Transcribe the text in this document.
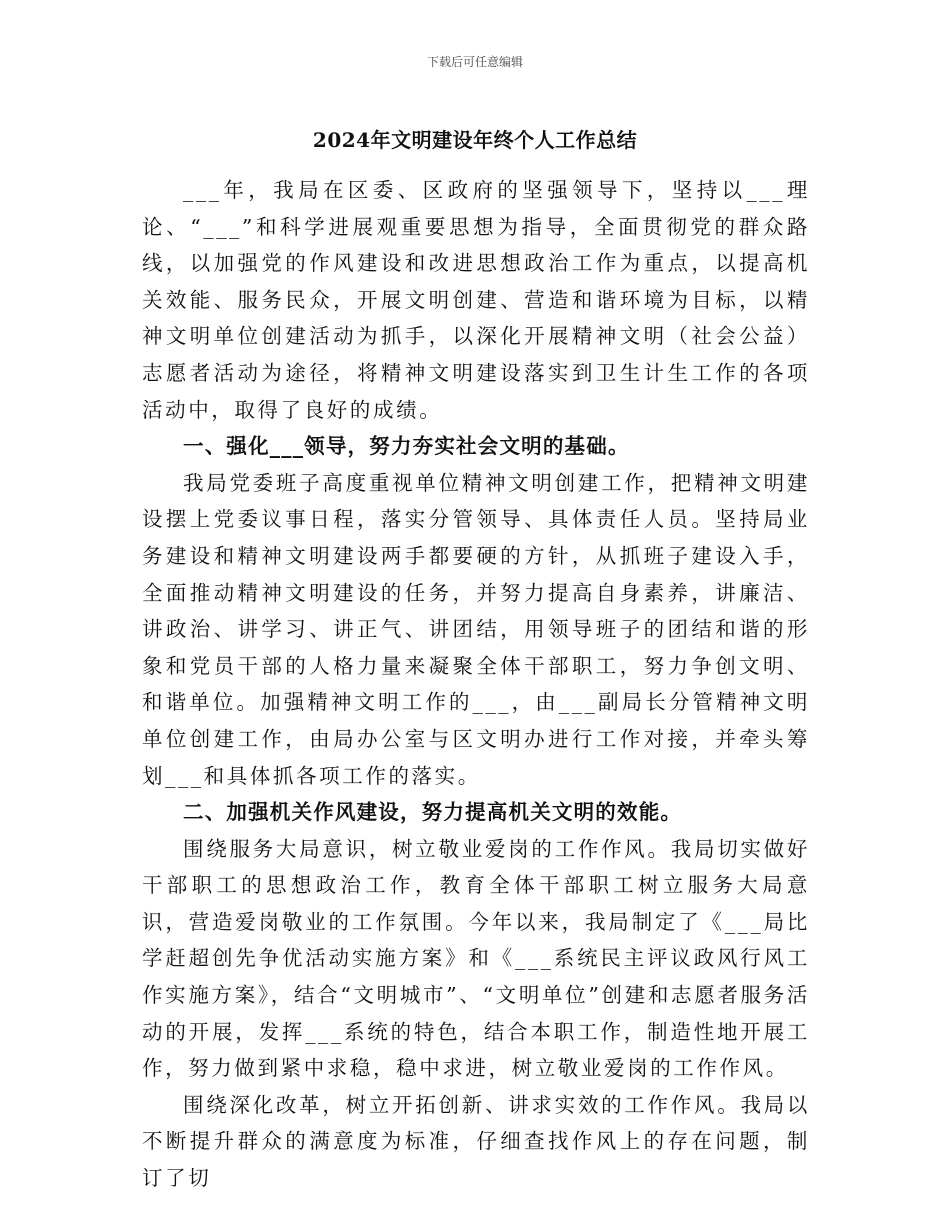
下载后可任意编辑
2024年文明建设年终个人工作总结

___年，我局在区委、区政府的坚强领导下，坚持以___理论、“___”和科学进展观重要思想为指导，全面贯彻党的群众路线，以加强党的作风建设和改进思想政治工作为重点，以提高机关效能、服务民众，开展文明创建、营造和谐环境为目标，以精神文明单位创建活动为抓手，以深化开展精神文明（社会公益）志愿者活动为途径，将精神文明建设落实到卫生计生工作的各项活动中，取得了良好的成绩。

一、强化___领导，努力夯实社会文明的基础。

我局党委班子高度重视单位精神文明创建工作，把精神文明建设摆上党委议事日程，落实分管领导、具体责任人员。坚持局业务建设和精神文明建设两手都要硬的方针，从抓班子建设入手，全面推动精神文明建设的任务，并努力提高自身素养，讲廉洁、讲政治、讲学习、讲正气、讲团结，用领导班子的团结和谐的形象和党员干部的人格力量来凝聚全体干部职工，努力争创文明、和谐单位。加强精神文明工作的___，由___副局长分管精神文明单位创建工作，由局办公室与区文明办进行工作对接，并牵头筹划___和具体抓各项工作的落实。

二、加强机关作风建设，努力提高机关文明的效能。

围绕服务大局意识，树立敬业爱岗的工作作风。我局切实做好干部职工的思想政治工作，教育全体干部职工树立服务大局意识，营造爱岗敬业的工作氛围。今年以来，我局制定了《___局比学赶超创先争优活动实施方案》和《___系统民主评议政风行风工作实施方案》，结合“文明城市”、“文明单位”创建和志愿者服务活动的开展，发挥___系统的特色，结合本职工作，制造性地开展工作，努力做到紧中求稳，稳中求进，树立敬业爱岗的工作作风。

围绕深化改革，树立开拓创新、讲求实效的工作作风。我局以不断提升群众的满意度为标准，仔细查找作风上的存在问题，制订了切
